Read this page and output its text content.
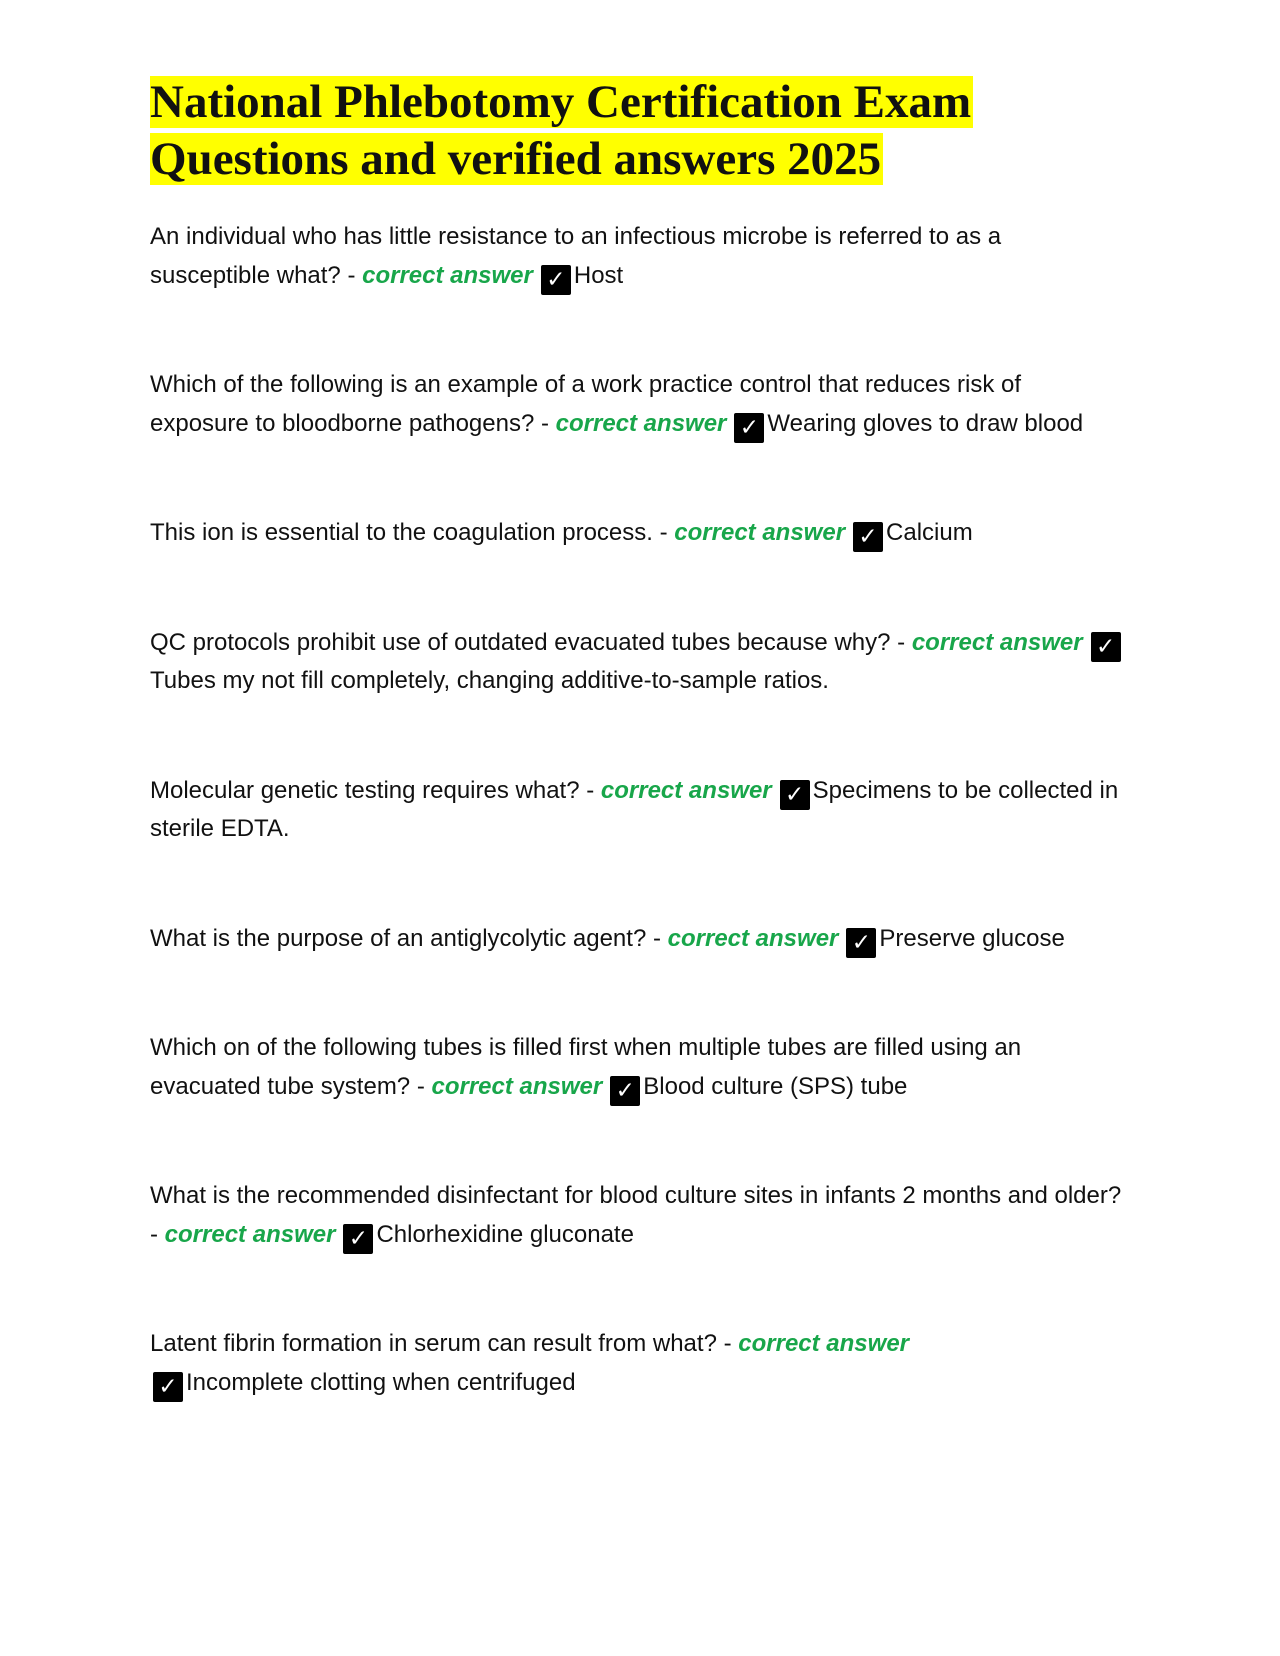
National Phlebotomy Certification Exam
Questions and verified answers 2025
An individual who has little resistance to an infectious microbe is referred to as a susceptible what? - correct answer ✓ Host
Which of the following is an example of a work practice control that reduces risk of exposure to bloodborne pathogens? - correct answer ✓ Wearing gloves to draw blood
This ion is essential to the coagulation process. - correct answer ✓ Calcium
QC protocols prohibit use of outdated evacuated tubes because why? - correct answer ✓Tubes my not fill completely, changing additive-to-sample ratios.
Molecular genetic testing requires what? - correct answer ✓ Specimens to be collected in sterile EDTA.
What is the purpose of an antiglycolytic agent? - correct answer ✓ Preserve glucose
Which on of the following tubes is filled first when multiple tubes are filled using an evacuated tube system? - correct answer ✓ Blood culture (SPS) tube
What is the recommended disinfectant for blood culture sites in infants 2 months and older? - correct answer ✓ Chlorhexidine gluconate
Latent fibrin formation in serum can result from what? - correct answer
✓ Incomplete clotting when centrifuged
